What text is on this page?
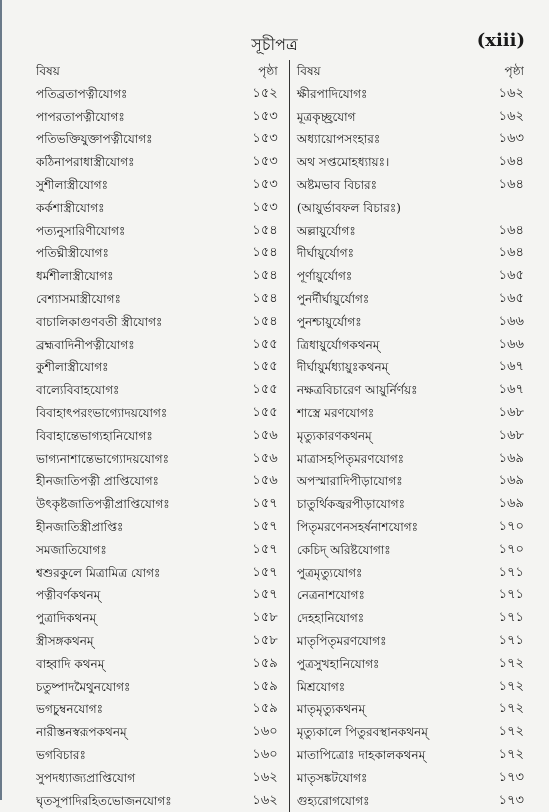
সূচীপত্র	(xiii)
বিষয়	পৃষ্ঠা		বিষয়	পৃষ্ঠা
পতিব্রতাপত্নীযোগঃ	১৫২		ক্ষীরপাদিযোগঃ	১৬২
পাপরতাপত্নীযোগঃ	১৫৩		মূত্রকৃচ্ছ্রযোগ	১৬২
পতিভক্তিযুক্তাপত্নীযোগঃ	১৫৩		অধ্যায়োপসংহারঃ	১৬৩
কঠিনাপরাধাস্ত্রীযোগঃ	১৫৩		অথ সপ্তমোহধ্যায়ঃ।	১৬৪
সুশীলাস্ত্রীযোগঃ	১৫৩		অষ্টমভাব বিচারঃ	১৬৪
কর্কশাস্ত্রীযোগঃ	১৫৩		(আয়ুর্ভাবফল বিচারঃ)	
পত্যনুসারিণীযোগঃ	১৫৪		অল্লায়ুর্যোগঃ	১৬৪
পতিঘ্নীস্ত্রীযোগঃ	১৫৪		দীর্ঘায়ুর্যোগঃ	১৬৪
ধর্মশীলাস্ত্রীযোগঃ	১৫৪		পূর্ণায়ুর্যোগঃ	১৬৫
বেশ্যাসমাস্ত্রীযোগঃ	১৫৪		পুনর্দীর্ঘায়ুর্যোগঃ	১৬৫
বাচালিকাগুণবতী স্ত্রীযোগঃ	১৫৪		পুনশ্চায়ুর্যোগঃ	১৬৬
ব্রহ্মবাদিনীপত্নীযোগঃ	১৫৫		ত্রিধায়ুর্যোগকথনম্	১৬৬
কুশীলাস্ত্রীযোগঃ	১৫৫		দীর্ঘায়ুর্মধ্যায়ুঃকথনম্	১৬৭
বাল্যেবিবাহযোগঃ	১৫৫		নক্ষত্রবিচারেণ আয়ুর্নির্ণয়ঃ	১৬৭
বিবাহাৎপরংভাগ্যোদয়যোগঃ	১৫৫		শাস্ত্রে মরণযোগঃ	১৬৮
বিবাহান্তেভাগ্যহানিযোগঃ	১৫৬		মৃত্যুকারণকথনম্	১৬৮
ভাগ্যনাশান্তেভাগ্যোদয়যোগঃ	১৫৬		মাত্রাসহপিতৃমরণযোগঃ	১৬৯
হীনজাতিপত্নী প্রাপ্তিযোগঃ	১৫৬		অপস্মারাদিপীড়াযোগঃ	১৬৯
উৎকৃষ্টজাতিপত্নীপ্রাপ্তিযোগঃ	১৫৭		চাতুর্থিকজ্বরপীড়াযোগঃ	১৬৯
হীনজাতিস্ত্রীপ্রাপ্তিঃ	১৫৭		পিতৃমরণেনসহর্ষনাশযোগঃ	১৭০
সমজাতিযোগঃ	১৫৭		কেচিদ্ অরিষ্টযোগাঃ	১৭০
শ্বশুরকুলে মিত্রামিত্র যোগঃ	১৫৭		পুত্রমৃত্যুযোগঃ	১৭১
পত্নীবর্ণকথনম্	১৫৭		নেত্রনাশযোগঃ	১৭১
পুত্রাদিকথনম্	১৫৮		দেহহানিযোগঃ	১৭১
স্ত্রীসঙ্গকথনম্	১৫৮		মাতৃপিতৃমরণযোগঃ	১৭১
বাহ্বাদি কথনম্	১৫৯		পুত্রসুখহানিযোগঃ	১৭২
চতুষ্পাদমৈথুনযোগঃ	১৫৯		মিশ্রযোগঃ	১৭২
ভগচুম্বনযোগঃ	১৫৯		মাতৃমৃত্যুকথনম্	১৭২
নারীস্তনস্বরূপকথনম্	১৬০		মৃত্যুকালে পিতুরবস্থানকথনম্	১৭২
ভগবিচারঃ	১৬০		মাতাপিত্রোঃ দাহকালকথনম্	১৭২
সুপদধ্যাজ্যপ্রাপ্তিযোগ	১৬২		মাতৃসঙ্কটযোগঃ	১৭৩
ঘৃতসূপাদিরহিতভোজনযোগঃ	১৬২		গুহ্যরোগযোগঃ	১৭৩
